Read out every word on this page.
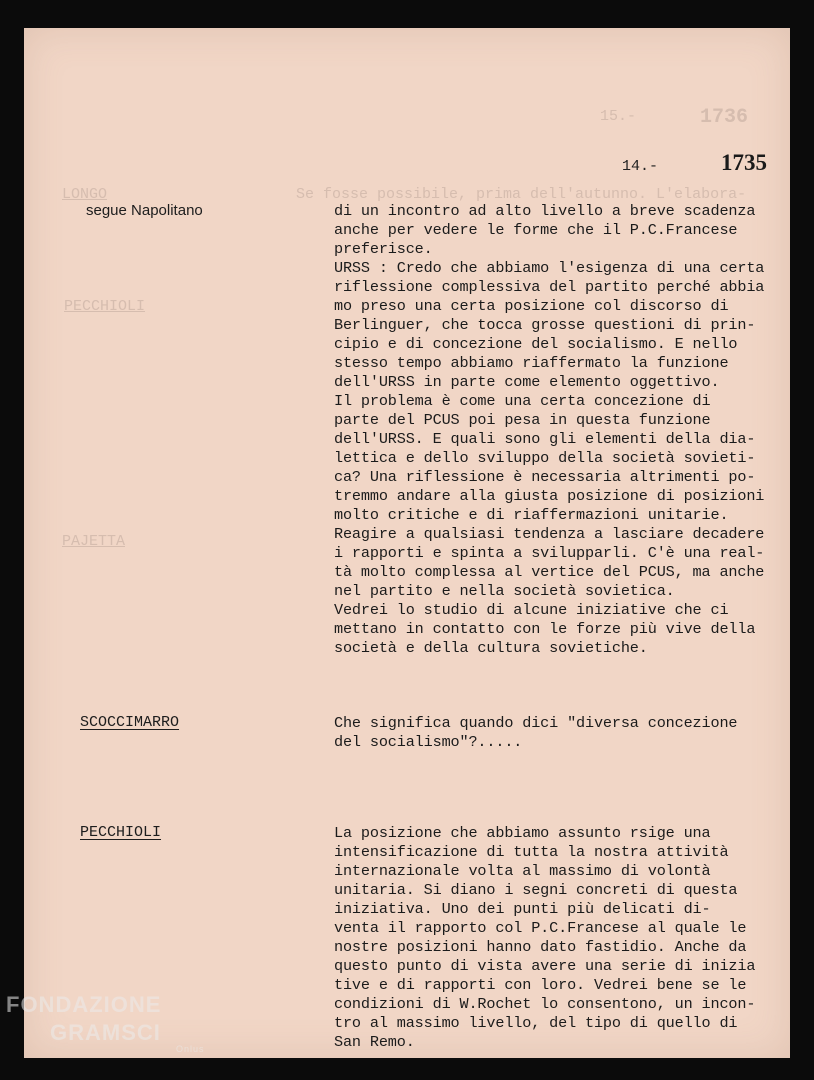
15.-	1736
LONGO
PECCHIOLI
PAJETTA
Se fosse possibile, prima dell'autunno. L'elabora-
14.-	1735
segue Napolitano	di un incontro ad alto livello a breve scadenza
anche per vedere le forme che il P.C.Francese
preferisce.
URSS : Credo che abbiamo l'esigenza di una certa
riflessione complessiva del partito perché abbia
mo preso una certa posizione col discorso di
Berlinguer, che tocca grosse questioni di prin-
cipio e di concezione del socialismo. E nello
stesso tempo abbiamo riaffermato la funzione
dell'URSS in parte come elemento oggettivo.
Il problema è come una certa concezione di
parte del PCUS poi pesa in questa funzione
dell'URSS. E quali sono gli elementi della dia-
lettica e dello sviluppo della società sovieti-
ca? Una riflessione è necessaria altrimenti po-
tremmo andare alla giusta posizione di posizioni
molto critiche e di riaffermazioni unitarie.
Reagire a qualsiasi tendenza a lasciare decadere
i rapporti e spinta a svilupparli. C'è una real-
tà molto complessa al vertice del PCUS, ma anche
nel partito e nella società sovietica.
Vedrei lo studio di alcune iniziative che ci
mettano in contatto con le forze più vive della
società e della cultura sovietiche.
SCOCCIMARRO	Che significa quando dici "diversa concezione
del socialismo"?.....
PECCHIOLI	La posizione che abbiamo assunto rsige una
intensificazione di tutta la nostra attività
internazionale volta al massimo di volontà
unitaria. Si diano i segni concreti di questa
iniziativa. Uno dei punti più delicati di-
venta il rapporto col P.C.Francese al quale le
nostre posizioni hanno dato fastidio. Anche da
questo punto di vista avere una serie di inizia
tive e di rapporti con loro. Vedrei bene se le
condizioni di W.Rochet lo consentono, un incon-
tro al massimo livello, del tipo di quello di
San Remo.
FONDAZIONE
GRAMSCI
Onlus
